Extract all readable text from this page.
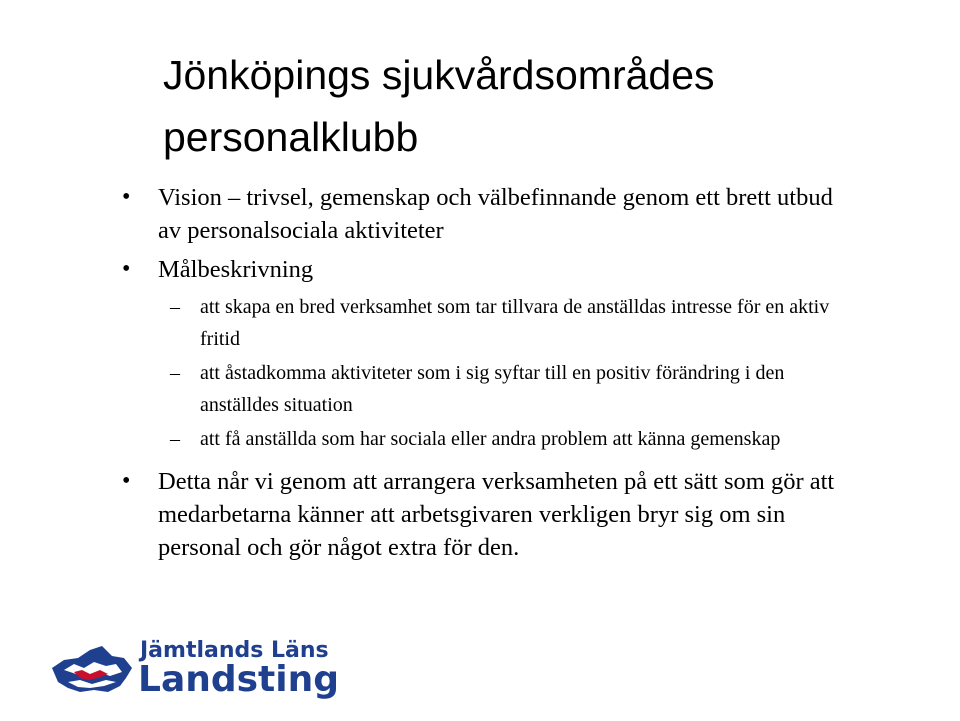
Jönköpings sjukvårdsområdes
personalklubb
• Vision – trivsel, gemenskap och välbefinnande genom ett brett utbud av personalsociala aktiviteter
• Målbeskrivning
– att skapa en bred verksamhet som tar tillvara de anställdas intresse för en aktiv fritid
– att åstadkomma aktiviteter som i sig syftar till en positiv förändring i den anställdes situation
– att få anställda som har sociala eller andra problem att känna gemenskap
• Detta når vi genom att arrangera verksamheten på ett sätt som gör att medarbetarna känner att arbetsgivaren verkligen bryr sig om sin personal och gör något extra för den.
Jämtlands Läns
Landsting
